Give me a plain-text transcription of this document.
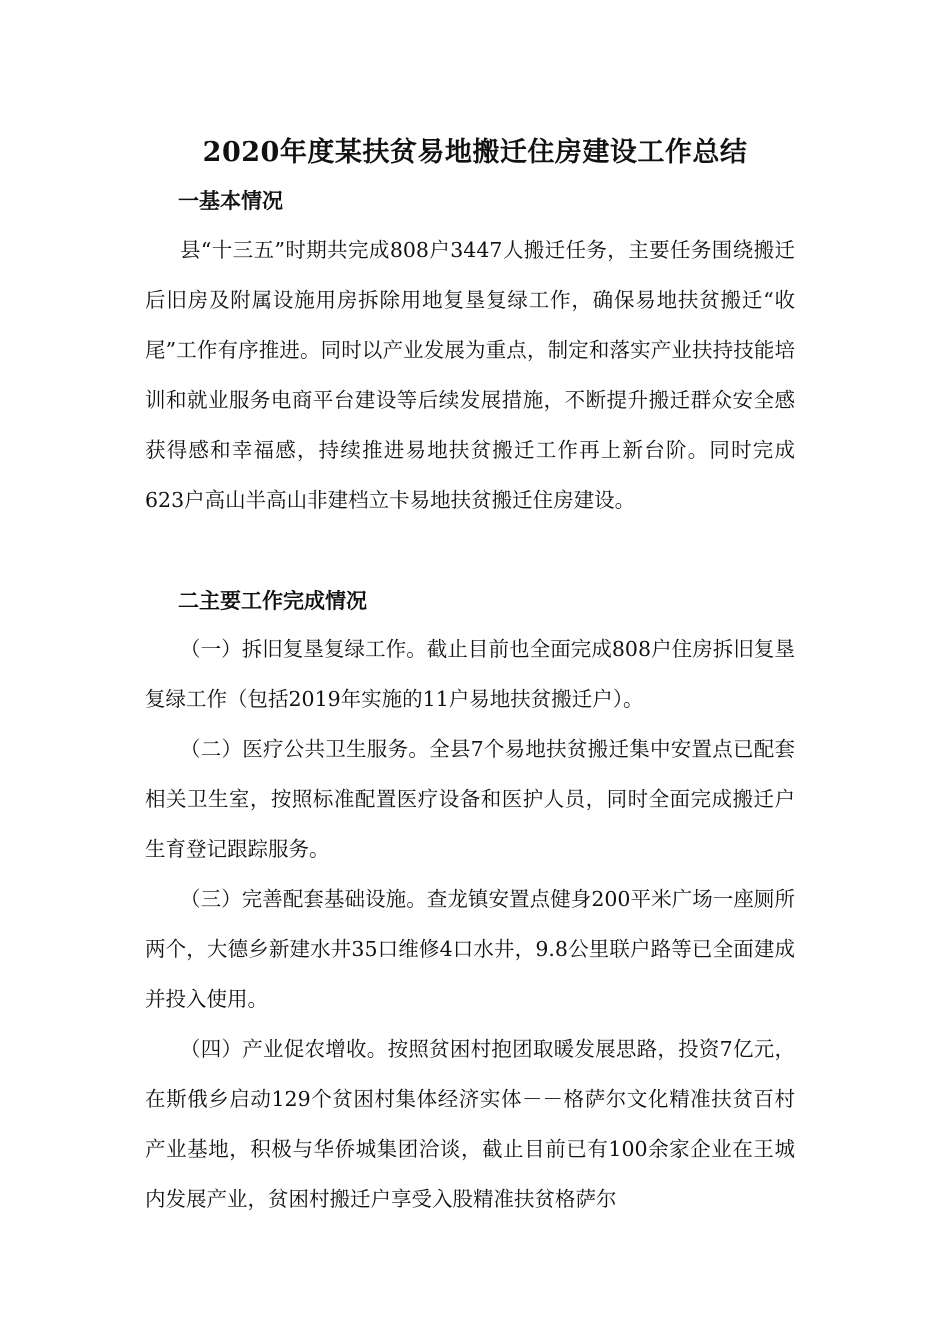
2020年度某扶贫易地搬迁住房建设工作总结
一基本情况

县“十三五”时期共完成808户3447人搬迁任务，主要任务围绕搬迁后旧房及附属设施用房拆除用地复垦复绿工作，确保易地扶贫搬迁“收尾”工作有序推进。同时以产业发展为重点，制定和落实产业扶持技能培训和就业服务电商平台建设等后续发展措施，不断提升搬迁群众安全感获得感和幸福感，持续推进易地扶贫搬迁工作再上新台阶。同时完成623户高山半高山非建档立卡易地扶贫搬迁住房建设。

二主要工作完成情况

（一）拆旧复垦复绿工作。截止目前也全面完成808户住房拆旧复垦复绿工作（包括2019年实施的11户易地扶贫搬迁户）。

（二）医疗公共卫生服务。全县7个易地扶贫搬迁集中安置点已配套相关卫生室，按照标准配置医疗设备和医护人员，同时全面完成搬迁户生育登记跟踪服务。

（三）完善配套基础设施。查龙镇安置点健身200平米广场一座厕所两个，大德乡新建水井35口维修4口水井，9.8公里联户路等已全面建成并投入使用。

（四）产业促农增收。按照贫困村抱团取暖发展思路，投资7亿元，在斯俄乡启动129个贫困村集体经济实体－－格萨尔文化精准扶贫百村产业基地，积极与华侨城集团洽谈，截止目前已有100余家企业在王城内发展产业，贫困村搬迁户享受入股精准扶贫格萨尔
